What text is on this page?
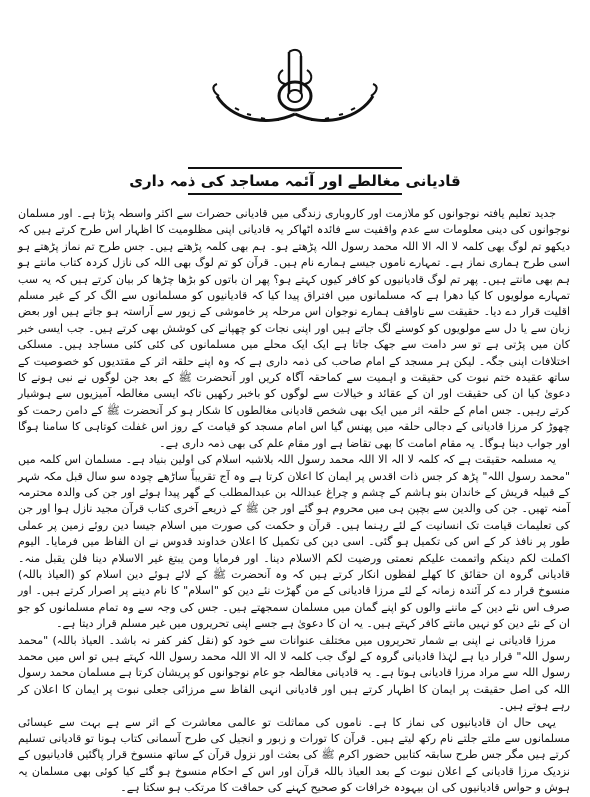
قادیانی مغالطے اور آئمہ مساجد کی ذمہ داری

جدید تعلیم یافتہ نوجوانوں کو ملازمت اور کاروباری زندگی میں قادیانی حضرات سے اکثر واسطہ پڑتا ہے۔ اور مسلمان نوجوانوں کی دینی معلومات سے عدم واقفیت سے فائدہ اٹھاکر یہ قادیانی اپنی مظلومیت کا اظہار اس طرح کرتے ہیں کہ دیکھو تم لوگ بھی کلمہ لا الہ الا اللہ محمد رسول اللہ پڑھتے ہو۔ ہم بھی کلمہ پڑھتے ہیں۔ جس طرح تم نماز پڑھتے ہو اسی طرح ہماری نماز ہے۔ تمہارے ناموں جیسے ہمارے نام ہیں۔ قرآن کو تم لوگ بھی اللہ کی نازل کردہ کتاب مانتے ہو ہم بھی مانتے ہیں۔ پھر تم لوگ قادیانیوں کو کافر کیوں کہتے ہو؟ پھر ان باتوں کو بڑھا چڑھا کر بیان کرتے ہیں کہ یہ سب تمہارے مولویوں کا کیا دھرا ہے کہ مسلمانوں میں افتراق پیدا کیا کہ قادیانیوں کو مسلمانوں سے الگ کر کے غیر مسلم اقلیت قرار دے دیا۔ حقیقت سے ناواقف ہمارے نوجوان اس مرحلہ پر خاموشی کے زیور سے آراستہ ہو جاتے ہیں اور بعض زبان سے یا دل سے مولویوں کو کوسنے لگ جاتے ہیں اور اپنی نجات کو چھپانے کی کوشش بھی کرتے ہیں۔ جب ایسی خبر کان میں پڑتی ہے تو سر دامت سے جھک جاتا ہے ایک ایک محلے میں مسلمانوں کی کئی کئی مساجد ہیں۔ مسلکی اختلافات اپنی جگہ۔ لیکن ہر مسجد کے امام صاحب کی ذمہ داری ہے کہ وہ اپنے حلقہ اثر کے مقتدیوں کو خصوصیت کے ساتھ عقیدہ ختم نبوت کی حقیقت و اہمیت سے کماحقہ آگاہ کریں اور آنحضرت ﷺ کے بعد جن لوگوں نے نبی ہونے کا دعویٰ کیا ان کی حقیقت اور ان کے عقائد و خیالات سے لوگوں کو باخبر رکھیں تاکہ ایسی مغالطہ آمیزیوں سے ہوشیار کرتے رہیں۔ جس امام کے حلقہ اثر میں ایک بھی شخص قادیانی مغالطوں کا شکار ہو کر آنحضرت ﷺ کے دامن رحمت کو چھوڑ کر مرزا قادیانی کے دجالی حلقہ میں پھنس گیا اس امام مسجد کو قیامت کے روز اس غفلت کوتاہی کا سامنا ہوگا اور جواب دینا ہوگا۔ یہ مقام امامت کا بھی تقاضا ہے اور مقام علم کی بھی ذمہ داری ہے۔

یہ مسلمہ حقیقت ہے کہ کلمہ لا الہ الا اللہ محمد رسول اللہ بلاشبہ اسلام کی اولین بنیاد ہے۔ مسلمان اس کلمہ میں "محمد رسول اللہ" پڑھ کر جس ذات اقدس پر ایمان کا اعلان کرتا ہے وہ آج تقریباً ساڑھے چودہ سو سال قبل مکہ شہر کے قبیلہ قریش کے خاندان بنو ہاشم کے چشم و چراغ عبداللہ بن عبدالمطلب کے گھر پیدا ہوئے اور جن کی والدہ محترمہ آمنہ تھیں۔ جن کی والدین سے بچپن ہی میں محروم ہو گئے اور جن ﷺ کے ذریعے آخری کتاب قرآن مجید نازل ہوا اور جن کی تعلیمات قیامت تک انسانیت کے لئے رہنما ہیں۔ قرآن و حکمت کی صورت میں اسلام جیسا دین روئے زمین پر عملی طور پر نافذ کر کے اس کی تکمیل ہو گئی۔ اسی دین کی تکمیل کا اعلان خداوند قدوس نے ان الفاظ میں فرمایا۔ الیوم اکملت لکم دینکم واتممت علیکم نعمتی ورضیت لکم الاسلام دینا۔ اور فرمایا ومن یبتغ غیر الاسلام دینا فلن یقبل منہ۔ قادیانی گروہ ان حقائق کا کھلے لفظوں انکار کرتے ہیں کہ وہ آنحضرت ﷺ کے لائے ہوئے دین اسلام کو (العیاذ باللہ) منسوخ قرار دے کر آئندہ زمانہ کے لئے مرزا قادیانی کے من گھڑت نئے دین کو "اسلام" کا نام دینے پر اصرار کرتے ہیں۔ اور صرف اس نئے دین کے ماننے والوں کو اپنے گمان میں مسلمان سمجھتے ہیں۔ جس کی وجہ سے وہ تمام مسلمانوں کو جو ان کے نئے دین کو نہیں مانتے کافر کہتے ہیں۔ یہ ان کا دعویٰ ہے جسے اپنی تحریروں میں غیر مسلم قرار دیتا ہے۔

مرزا قادیانی نے اپنی بے شمار تحریروں میں مختلف عنوانات سے خود کو (نقل کفر کفر نہ باشد۔ العیاذ باللہ) "محمد رسول اللہ" قرار دیا ہے لہٰذا قادیانی گروہ کے لوگ جب کلمہ لا الہ الا اللہ محمد رسول اللہ کہتے ہیں تو اس میں محمد رسول اللہ سے مراد مرزا قادیانی ہوتا ہے۔ یہ قادیانی مغالطہ جو عام نوجوانوں کو پریشان کرتا ہے مسلمان محمد رسول اللہ کی اصل حقیقت پر ایمان کا اظہار کرتے ہیں اور قادیانی انہی الفاظ سے مرزائی جعلی نبوت پر ایمان کا اعلان کر رہے ہوتے ہیں۔

یہی حال ان قادیانیوں کی نماز کا ہے۔ ناموں کی مماثلت تو عالمی معاشرت کے اثر سے ہے بہت سے عیسائی مسلمانوں سے ملتے جلتے نام رکھ لیتے ہیں۔ قرآن کا تورات و زبور و انجیل کی طرح آسمانی کتاب ہونا تو قادیانی تسلیم کرتے ہیں مگر جس طرح سابقہ کتابیں حضور اکرم ﷺ کی بعثت اور نزول قرآن کے ساتھ منسوخ قرار پاگئیں قادیانیوں کے نزدیک مرزا قادیانی کے اعلان نبوت کے بعد العیاذ باللہ قرآن اور اس کے احکام منسوخ ہو گئے کیا کوئی بھی مسلمان یہ ہوش و حواس قادیانیوں کی ان بیہودہ خرافات کو صحیح کہنے کی حماقت کا مرتکب ہو سکتا ہے۔
